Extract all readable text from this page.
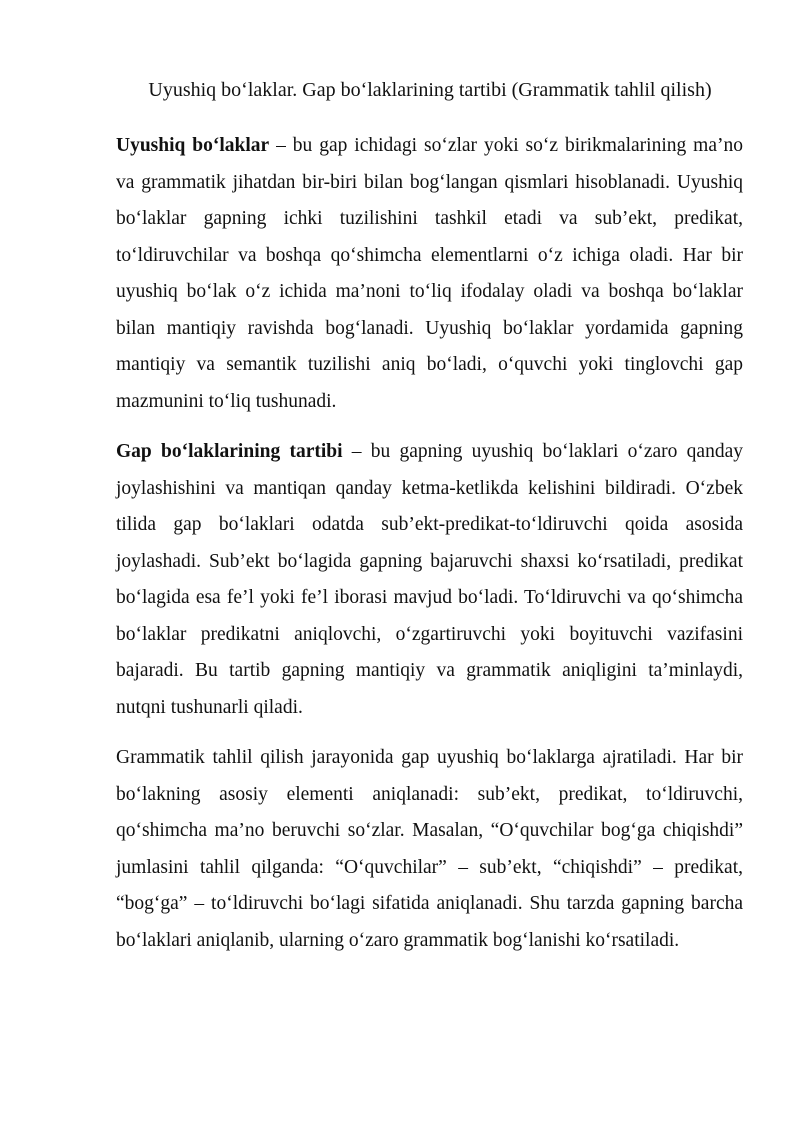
Uyushiq boʻlaklar. Gap boʻlaklarining tartibi (Grammatik tahlil qilish)

Uyushiq boʻlaklar – bu gap ichidagi soʻzlar yoki soʻz birikmalarining ma’no va grammatik jihatdan bir-biri bilan bogʻlangan qismlari hisoblanadi. Uyushiq boʻlaklar gapning ichki tuzilishini tashkil etadi va sub’ekt, predikat, toʻldiruvchilar va boshqa qoʻshimcha elementlarni oʻz ichiga oladi. Har bir uyushiq boʻlak oʻz ichida ma’noni toʻliq ifodalay oladi va boshqa boʻlaklar bilan mantiqiy ravishda bogʻlanadi. Uyushiq boʻlaklar yordamida gapning mantiqiy va semantik tuzilishi aniq boʻladi, oʻquvchi yoki tinglovchi gap mazmunini toʻliq tushunadi.

Gap boʻlaklarining tartibi – bu gapning uyushiq boʻlaklari oʻzaro qanday joylashishini va mantiqan qanday ketma-ketlikda kelishini bildiradi. Oʻzbek tilida gap boʻlaklari odatda sub’ekt-predikat-toʻldiruvchi qoida asosida joylashadi. Sub’ekt boʻlagida gapning bajaruvchi shaxsi koʻrsatiladi, predikat boʻlagida esa fe’l yoki fe’l iborasi mavjud boʻladi. Toʻldiruvchi va qoʻshimcha boʻlaklar predikatni aniqlovchi, oʻzgartiruvchi yoki boyituvchi vazifasini bajaradi. Bu tartib gapning mantiqiy va grammatik aniqligini ta’minlaydi, nutqni tushunarli qiladi.

Grammatik tahlil qilish jarayonida gap uyushiq boʻlaklarga ajratiladi. Har bir boʻlakning asosiy elementi aniqlanadi: sub’ekt, predikat, toʻldiruvchi, qoʻshimcha ma’no beruvchi soʻzlar. Masalan, “Oʻquvchilar bogʻga chiqishdi” jumlasini tahlil qilganda: “Oʻquvchilar” – sub’ekt, “chiqishdi” – predikat, “bogʻga” – toʻldiruvchi boʻlagi sifatida aniqlanadi. Shu tarzda gapning barcha boʻlaklari aniqlanib, ularning oʻzaro grammatik bogʻlanishi koʻrsatiladi.
